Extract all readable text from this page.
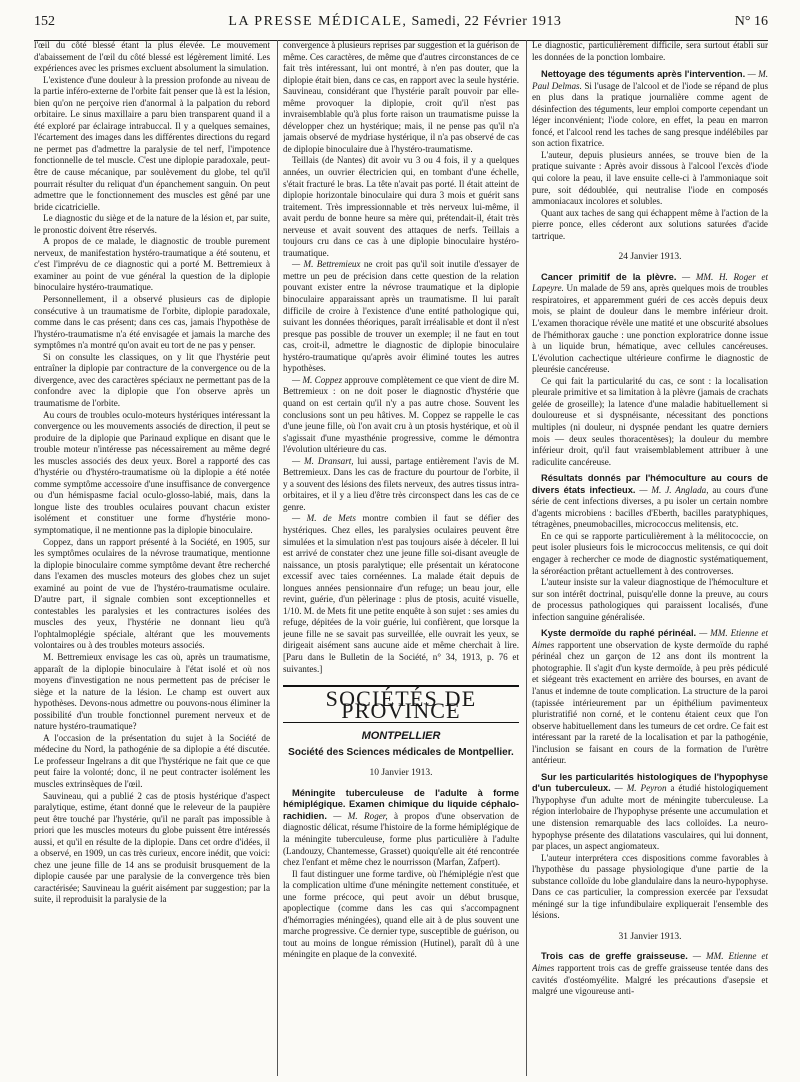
152	LA PRESSE MÉDICALE, Samedi, 22 Février 1913	N° 16

l'œil du côté blessé étant la plus élevée. Le mouvement d'abaissement de l'œil du côté blessé est légèrement limité. Les expériences avec les prismes excluent absolument la simulation.

L'existence d'une douleur à la pression profonde au niveau de la partie inféro-externe de l'orbite fait penser que là est la lésion, bien qu'on ne perçoive rien d'anormal à la palpation du rebord orbitaire. Le sinus maxillaire a paru bien transparent quand il a été exploré par éclairage intrabuccal. Il y a quelques semaines, l'écartement des images dans les différentes directions du regard ne permet pas d'admettre la paralysie de tel nerf, l'impotence fonctionnelle de tel muscle. C'est une diplopie paradoxale, peut-être de cause mécanique, par soulèvement du globe, tel qu'il pourrait résulter du reliquat d'un épanchement sanguin. On peut admettre que le fonctionnement des muscles est gêné par une bride cicatricielle.

Le diagnostic du siège et de la nature de la lésion et, par suite, le pronostic doivent être réservés.

A propos de ce malade, le diagnostic de trouble purement nerveux, de manifestation hystéro-traumatique a été soutenu, et c'est l'imprévu de ce diagnostic qui a porté M. Bettremieux à examiner au point de vue général la question de la diplopie binoculaire hystéro-traumatique.

Personnellement, il a observé plusieurs cas de diplopie consécutive à un traumatisme de l'orbite, diplopie paradoxale, comme dans le cas présent; dans ces cas, jamais l'hypothèse de l'hystéro-traumatisme n'a été envisagée et jamais la marche des symptômes n'a montré qu'on avait eu tort de ne pas y penser.

Si on consulte les classiques, on y lit que l'hystérie peut entraîner la diplopie par contracture de la convergence ou de la divergence, avec des caractères spéciaux ne permettant pas de la confondre avec la diplopie que l'on observe après un traumatisme de l'orbite.

Au cours de troubles oculo-moteurs hystériques intéressant la convergence ou les mouvements associés de direction, il peut se produire de la diplopie que Parinaud explique en disant que le trouble moteur n'intéresse pas nécessairement au même degré les muscles associés des deux yeux. Borel a rapporté des cas d'hystérie ou d'hystéro-traumatisme où la diplopie a été notée comme symptôme accessoire d'une insuffisance de convergence ou d'un hémispasme facial oculo-glosso-labié, mais, dans la longue liste des troubles oculaires pouvant chacun exister isolément et constituer une forme d'hystérie mono-symptomatique, il ne mentionne pas la diplopie binoculaire.

Coppez, dans un rapport présenté à la Société, en 1905, sur les symptômes oculaires de la névrose traumatique, mentionne la diplopie binoculaire comme symptôme devant être recherché dans l'examen des muscles moteurs des globes chez un sujet examiné au point de vue de l'hystéro-traumatisme oculaire. D'autre part, il signale combien sont exceptionnelles et contestables les paralysies et les contractures isolées des muscles des yeux, l'hystérie ne donnant lieu qu'à l'ophtalmoplégie spéciale, altérant que les mouvements volontaires ou à des troubles moteurs associés.

M. Bettremieux envisage les cas où, après un traumatisme, apparaît de la diplopie binoculaire à l'état isolé et où nos moyens d'investigation ne nous permettent pas de préciser le siège et la nature de la lésion. Le champ est ouvert aux hypothèses. Devons-nous admettre ou pouvons-nous éliminer la possibilité d'un trouble fonctionnel purement nerveux et de nature hystéro-traumatique?

A l'occasion de la présentation du sujet à la Société de médecine du Nord, la pathogénie de sa diplopie a été discutée. Le professeur Ingelrans a dit que l'hystérique ne fait que ce que peut faire la volonté; donc, il ne peut contracter isolément les muscles extrinsèques de l'œil.

Sauvineau, qui a publié 2 cas de ptosis hystérique d'aspect paralytique, estime, étant donné que le releveur de la paupière peut être touché par l'hystérie, qu'il ne paraît pas impossible à priori que les muscles moteurs du globe puissent être intéressés aussi, et qu'il en résulte de la diplopie. Dans cet ordre d'idées, il a observé, en 1909, un cas très curieux, encore inédit, que voici: chez une jeune fille de 14 ans se produisit brusquement de la diplopie causée par une paralysie de la convergence très bien caractérisée; Sauvineau la guérit aisément par suggestion; par la suite, il reproduisit la paralysie de la

convergence à plusieurs reprises par suggestion et la guérison de même. Ces caractères, de même que d'autres circonstances de ce fait très intéressant, lui ont montré, à n'en pas douter, que la diplopie était bien, dans ce cas, en rapport avec la seule hystérie. Sauvineau, considérant que l'hystérie paraît pouvoir par elle-même provoquer la diplopie, croit qu'il n'est pas invraisemblable qu'à plus forte raison un traumatisme puisse la développer chez un hystérique; mais, il ne pense pas qu'il n'a jamais observé de mydriase hystérique, il n'a pas observé de cas de diplopie binoculaire due à l'hystéro-traumatisme.

Teillais (de Nantes) dit avoir vu 3 ou 4 fois, il y a quelques années, un ouvrier électricien qui, en tombant d'une échelle, s'était fracturé le bras. La tête n'avait pas porté. Il était atteint de diplopie horizontale binoculaire qui dura 3 mois et guérit sans traitement. Très impressionnable et très nerveux lui-même, il avait perdu de bonne heure sa mère qui, prétendait-il, était très nerveuse et avait souvent des attaques de nerfs. Teillais a toujours cru dans ce cas à une diplopie binoculaire hystéro-traumatique.

— M. Bettremieux ne croit pas qu'il soit inutile d'essayer de mettre un peu de précision dans cette question de la relation pouvant exister entre la névrose traumatique et la diplopie binoculaire apparaissant après un traumatisme. Il lui paraît difficile de croire à l'existence d'une entité pathologique qui, suivant les données théoriques, paraît irréalisable et dont il n'est presque pas possible de trouver un exemple; il ne faut en tout cas, croit-il, admettre le diagnostic de diplopie binoculaire hystéro-traumatique qu'après avoir éliminé toutes les autres hypothèses.

— M. Coppez approuve complètement ce que vient de dire M. Bettremieux : on ne doit poser le diagnostic d'hystérie que quand on est certain qu'il n'y a pas autre chose. Souvent les conclusions sont un peu hâtives. M. Coppez se rappelle le cas d'une jeune fille, où l'on avait cru à un ptosis hystérique, et où il s'agissait d'une myasthénie progressive, comme le démontra l'évolution ultérieure du cas.

— M. Dransart, lui aussi, partage entièrement l'avis de M. Bettremieux. Dans les cas de fracture du pourtour de l'orbite, il y a souvent des lésions des filets nerveux, des autres tissus intra-orbitaires, et il y a lieu d'être très circonspect dans les cas de ce genre.

— M. de Mets montre combien il faut se défier des hystériques. Chez elles, les paralysies oculaires peuvent être simulées et la simulation n'est pas toujours aisée à déceler. Il lui est arrivé de constater chez une jeune fille soi-disant aveugle de naissance, un ptosis paralytique; elle présentait un kératocone excessif avec taies cornéennes. La malade était depuis de longues années pensionnaire d'un refuge; un beau jour, elle revint, guérie, d'un pèlerinage : plus de ptosis, acuité visuelle, 1/10. M. de Mets fit une petite enquête à son sujet : ses amies du refuge, dépitées de la voir guérie, lui confièrent, que lorsque la jeune fille ne se savait pas surveillée, elle ouvrait les yeux, se dirigeait aisément sans aucune aide et même cherchait à lire. [Paru dans le Bulletin de la Société, n° 34, 1913, p. 76 et suivantes.]

SOCIÉTÉS DE PROVINCE
MONTPELLIER
Société des Sciences médicales de Montpellier.
10 Janvier 1913.

Méningite tuberculeuse de l'adulte à forme hémiplégique. Examen chimique du liquide céphalo-rachidien. — M. Roger, à propos d'une observation de diagnostic délicat, résume l'histoire de la forme hémiplégique de la méningite tuberculeuse, forme plus particulière à l'adulte (Landouzy, Chantemesse, Grasset) quoiqu'elle ait été rencontrée chez l'enfant et même chez le nourrisson (Marfan, Zafpert).

Il faut distinguer une forme tardive, où l'hémiplégie n'est que la complication ultime d'une méningite nettement constituée, et une forme précoce, qui peut avoir un début brusque, apoplectique (comme dans les cas qui s'accompagnent d'hémorragies méningées), quand elle ait à de plus souvent une marche progressive. Ce dernier type, susceptible de guérison, ou tout au moins de longue rémission (Hutinel), paraît dû à une méningite en plaque de la convexité.

Le diagnostic, particulièrement difficile, sera surtout établi sur les données de la ponction lombaire.

Nettoyage des téguments après l'intervention. — M. Paul Delmas. Si l'usage de l'alcool et de l'iode se répand de plus en plus dans la pratique journalière comme agent de désinfection des téguments, leur emploi comporte cependant un léger inconvénient; l'iode colore, en effet, la peau en marron foncé, et l'alcool rend les taches de sang presque indélébiles par son action fixatrice.

L'auteur, depuis plusieurs années, se trouve bien de la pratique suivante : Après avoir dissous à l'alcool l'excès d'iode qui colore la peau, il lave ensuite celle-ci à l'ammoniaque soit pure, soit dédoublée, qui neutralise l'iode en composés ammoniacaux incolores et solubles.

Quant aux taches de sang qui échappent même à l'action de la pierre ponce, elles céderont aux solutions saturées d'acide tartrique.

24 Janvier 1913.

Cancer primitif de la plèvre. — MM. H. Roger et Lapeyre. Un malade de 59 ans, après quelques mois de troubles respiratoires, et apparemment guéri de ces accès depuis deux mois, se plaint de douleur dans le membre inférieur droit. L'examen thoracique révèle une matité et une obscurité absolues de l'hémithorax gauche : une ponction exploratrice donne issue à un liquide brun, hématique, avec cellules cancéreuses. L'évolution cachectique ultérieure confirme le diagnostic de pleurésie cancéreuse.

Ce qui fait la particularité du cas, ce sont : la localisation pleurale primitive et sa limitation à la plèvre (jamais de crachats gelée de groseille); la latence d'une maladie habituellement si douloureuse et si dyspnéisante, nécessitant des ponctions multiples (ni douleur, ni dyspnée pendant les quatre derniers mois — deux seules thoracentèses); la douleur du membre inférieur droit, qu'il faut vraisemblablement attribuer à une radiculite cancéreuse.

Résultats donnés par l'hémoculture au cours de divers états infectieux. — M. J. Anglada, au cours d'une série de cent infections diverses, a pu isoler un certain nombre d'agents microbiens : bacilles d'Eberth, bacilles paratyphiques, tétragènes, pneumobacilles, micrococcus melitensis, etc.

En ce qui se rapporte particulièrement à la mélitococcie, on peut isoler plusieurs fois le micrococcus melitensis, ce qui doit engager à rechercher ce mode de diagnostic systématiquement, la séroréaction prêtant actuellement à des controverses.

L'auteur insiste sur la valeur diagnostique de l'hémoculture et sur son intérêt doctrinal, puisqu'elle donne la preuve, au cours de processus pathologiques qui paraissent localisés, d'une infection sanguine généralisée.

Kyste dermoïde du raphé périnéal. — MM. Etienne et Aimes rapportent une observation de kyste dermoïde du raphé périnéal chez un garçon de 12 ans dont ils montrent la photographie. Il s'agit d'un kyste dermoïde, à peu près pédiculé et siégeant très exactement en arrière des bourses, en avant de l'anus et indemne de toute complication. La structure de la paroi (tapissée intérieurement par un épithélium pavimenteux pluristratifié non corné, et le contenu étaient ceux que l'on observe habituellement dans les tumeurs de cet ordre. Ce fait est intéressant par la rareté de la localisation et par la pathogénie, l'inclusion se faisant en cours de la formation de l'urètre antérieur.

Sur les particularités histologiques de l'hypophyse d'un tuberculeux. — M. Peyron a étudié histologiquement l'hypophyse d'un adulte mort de méningite tuberculeuse. La région interlobaire de l'hypophyse présente une accumulation et une distension remarquable des lacs colloïdes. La neuro-hypophyse présente des dilatations vasculaires, qui lui donnent, par places, un aspect angiomateux.

L'auteur interprétera cces dispositions comme favorables à l'hypothèse du passage physiologique d'une partie de la substance colloïde du lobe glandulaire dans la neuro-hypophyse. Dans ce cas particulier, la compression exercée par l'exsudat méningé sur la tige infundibulaire expliquerait l'ensemble des lésions.

31 Janvier 1913.

Trois cas de greffe graisseuse. — MM. Etienne et Aimes rapportent trois cas de greffe graisseuse tentée dans des cavités d'ostéomyélite. Malgré les précautions d'asepsie et malgré une vigoureuse anti-
